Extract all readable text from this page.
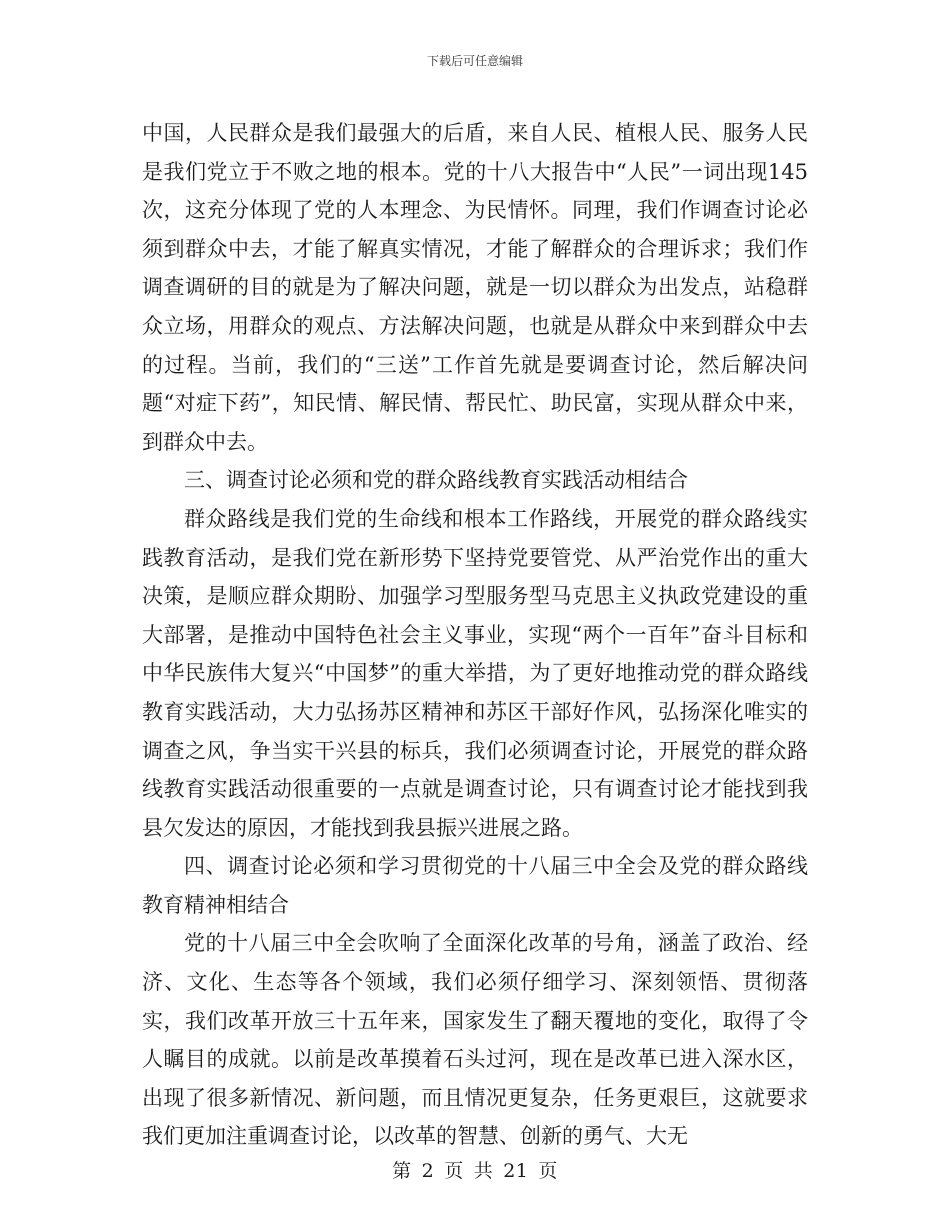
下载后可任意编辑

中国，人民群众是我们最强大的后盾，来自人民、植根人民、服务人民是我们党立于不败之地的根本。党的十八大报告中“人民”一词出现145次，这充分体现了党的人本理念、为民情怀。同理，我们作调查讨论必须到群众中去，才能了解真实情况，才能了解群众的合理诉求；我们作调查调研的目的就是为了解决问题，就是一切以群众为出发点，站稳群众立场，用群众的观点、方法解决问题，也就是从群众中来到群众中去的过程。当前，我们的“三送”工作首先就是要调查讨论，然后解决问题“对症下药”，知民情、解民情、帮民忙、助民富，实现从群众中来，到群众中去。

三、调查讨论必须和党的群众路线教育实践活动相结合

群众路线是我们党的生命线和根本工作路线，开展党的群众路线实践教育活动，是我们党在新形势下坚持党要管党、从严治党作出的重大决策，是顺应群众期盼、加强学习型服务型马克思主义执政党建设的重大部署，是推动中国特色社会主义事业，实现“两个一百年”奋斗目标和中华民族伟大复兴“中国梦”的重大举措，为了更好地推动党的群众路线教育实践活动，大力弘扬苏区精神和苏区干部好作风，弘扬深化唯实的调查之风，争当实干兴县的标兵，我们必须调查讨论，开展党的群众路线教育实践活动很重要的一点就是调查讨论，只有调查讨论才能找到我县欠发达的原因，才能找到我县振兴进展之路。

四、调查讨论必须和学习贯彻党的十八届三中全会及党的群众路线教育精神相结合

党的十八届三中全会吹响了全面深化改革的号角，涵盖了政治、经济、文化、生态等各个领域，我们必须仔细学习、深刻领悟、贯彻落实，我们改革开放三十五年来，国家发生了翻天覆地的变化，取得了令人瞩目的成就。以前是改革摸着石头过河，现在是改革已进入深水区，出现了很多新情况、新问题，而且情况更复杂，任务更艰巨，这就要求我们更加注重调查讨论，以改革的智慧、创新的勇气、大无

第 2 页 共 21 页
